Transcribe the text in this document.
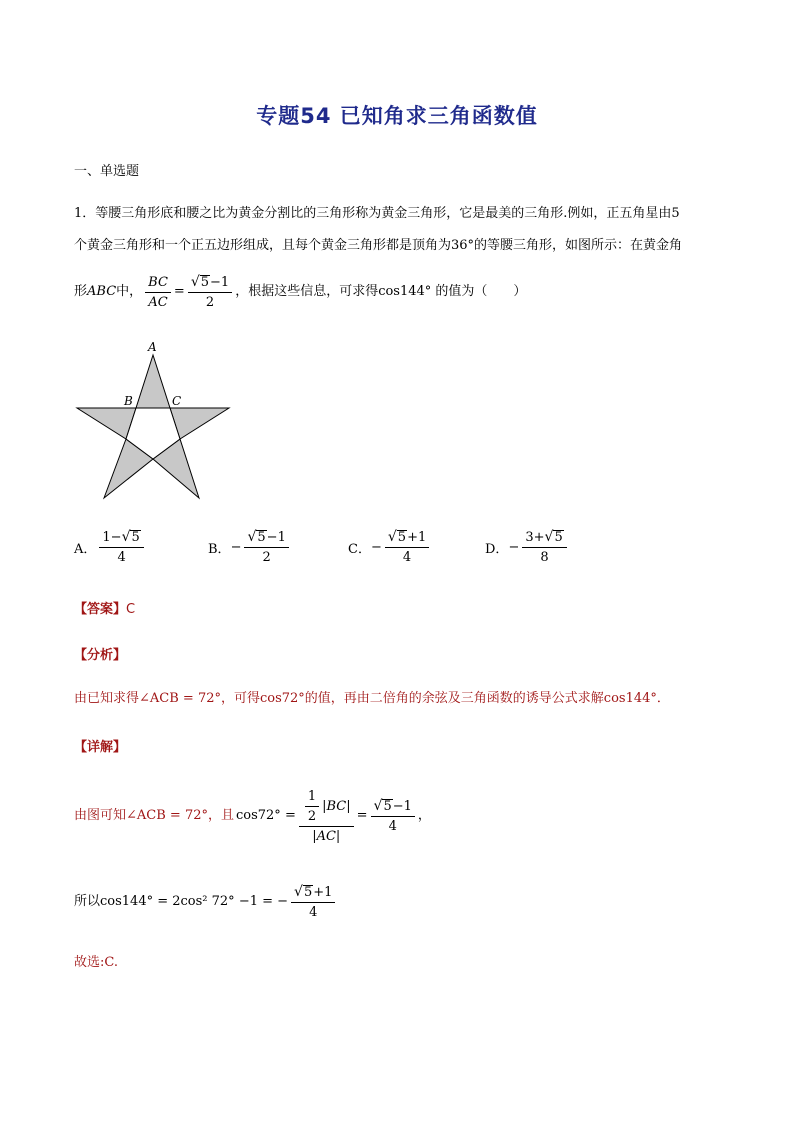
专题54 已知角求三角函数值
一、单选题
1．等腰三角形底和腰之比为黄金分割比的三角形称为黄金三角形，它是最美的三角形.例如，正五角星由5
个黄金三角形和一个正五边形组成，且每个黄金三角形都是顶角为36°的等腰三角形，如图所示：在黄金角
形 ABC 中， $\frac{BC}{AC} = \frac{√5-1}{2}$ ，根据这些信息，可求得cos144° 的值为（　　）
A
B	C
A． $\frac{1-√5}{4}$	B． − $\frac{√5-1}{2}$	C． − $\frac{√5+1}{4}$	D． − $\frac{3+√5}{8}$
【答案】C
【分析】
由已知求得∠ACB = 72°，可得cos72°的值，再由二倍角的余弦及三角函数的诱导公式求解cos144°．
【详解】
由图可知∠ACB = 72°，且 $\cos 72^\circ = \frac{\frac{1}{2} |BC|}{|AC|} = \frac{√5-1}{4}$ ，
所以cos144° = 2cos² 72° −1 = − $\frac{√5+1}{4}$
故选:C.
